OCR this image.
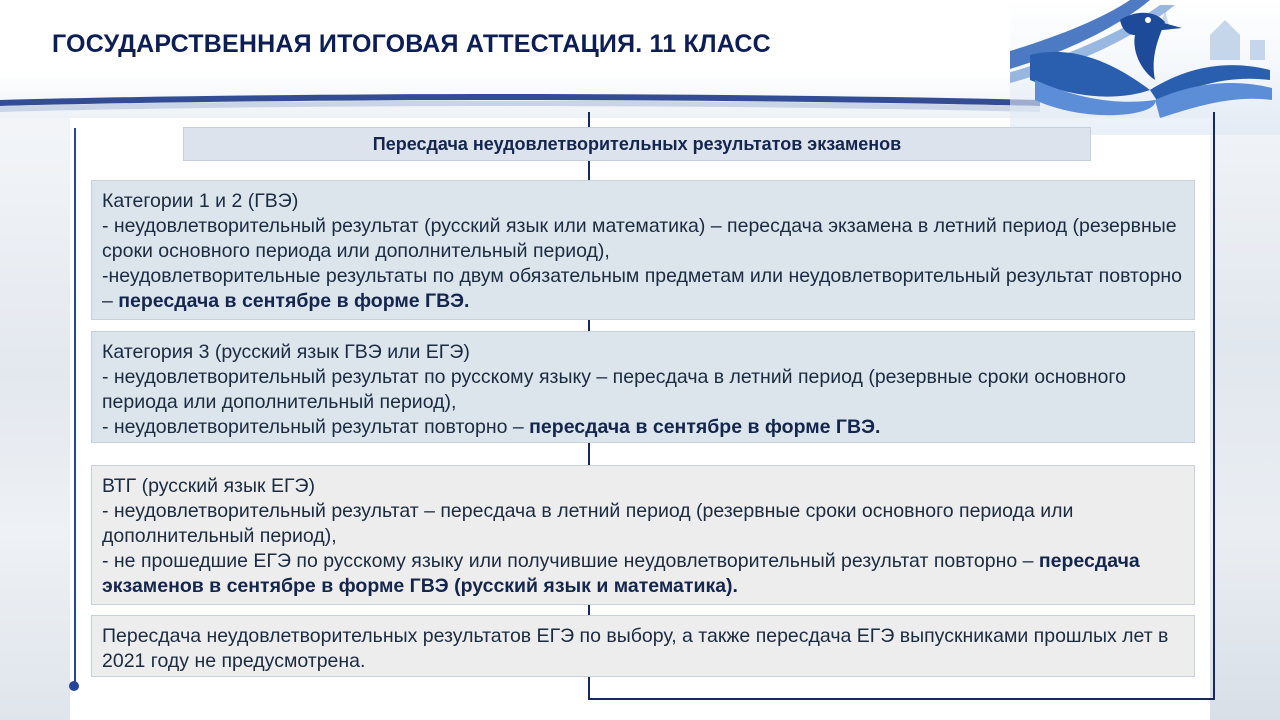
ГОСУДАРСТВЕННАЯ ИТОГОВАЯ АТТЕСТАЦИЯ. 11 КЛАСС
Пересдача неудовлетворительных результатов экзаменов

Категории 1 и 2 (ГВЭ)

- неудовлетворительный результат (русский язык или математика) – пересдача экзамена в летний период (резервные сроки основного периода или дополнительный период),

-неудовлетворительные результаты по двум обязательным предметам или неудовлетворительный результат повторно – пересдача в сентябре в форме ГВЭ.

Категория 3 (русский язык ГВЭ или ЕГЭ)

- неудовлетворительный результат по русскому языку – пересдача в летний период (резервные сроки основного периода или дополнительный период),

- неудовлетворительный результат повторно – пересдача в сентябре в форме ГВЭ.

ВТГ (русский язык ЕГЭ)

- неудовлетворительный результат – пересдача в летний период (резервные сроки основного периода или дополнительный период),

- не прошедшие ЕГЭ по русскому языку или получившие неудовлетворительный результат повторно – пересдача экзаменов в сентябре в форме ГВЭ (русский язык и математика).

Пересдача неудовлетворительных результатов ЕГЭ по выбору, а также пересдача ЕГЭ выпускниками прошлых лет в 2021 году не предусмотрена.
